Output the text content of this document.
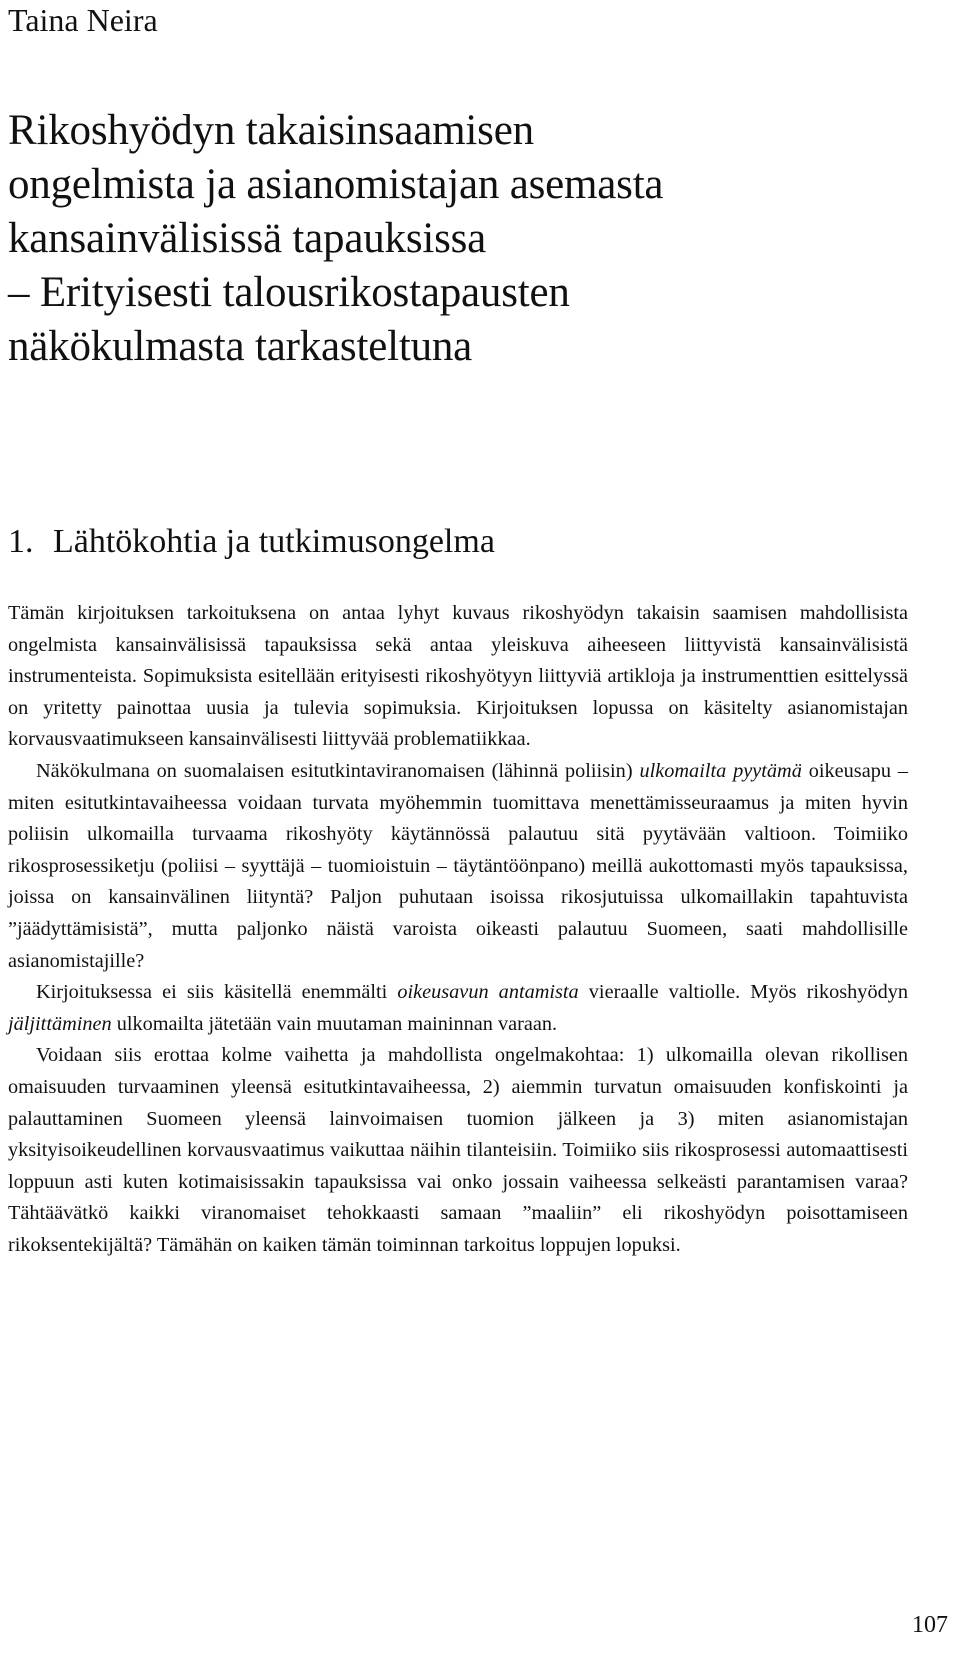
Taina Neira
Rikoshyödyn takaisinsaamisen
ongelmista ja asianomistajan asemasta
kansainvälisissä tapauksissa
– Erityisesti talousrikostapausten
näkökulmasta tarkasteltuna
1. Lähtökohtia ja tutkimusongelma

Tämän kirjoituksen tarkoituksena on antaa lyhyt kuvaus rikoshyödyn takaisin saamisen mahdollisista ongelmista kansainvälisissä tapauksissa sekä antaa yleiskuva aiheeseen liittyvistä kansainvälisistä instrumenteista. Sopimuksista esitellään erityisesti rikoshyötyyn liittyviä artikloja ja instrumenttien esittelyssä on yritetty painottaa uusia ja tulevia sopimuksia. Kirjoituksen lopussa on käsitelty asianomistajan korvausvaatimukseen kansainvälisesti liittyvää problematiikkaa.

Näkökulmana on suomalaisen esitutkintaviranomaisen (lähinnä poliisin) ulkomailta pyytämä oikeusapu – miten esitutkintavaiheessa voidaan turvata myöhemmin tuomittava menettämisseuraamus ja miten hyvin poliisin ulkomailla turvaama rikoshyöty käytännössä palautuu sitä pyytävään valtioon. Toimiiko rikosprosessiketju (poliisi – syyttäjä – tuomioistuin – täytäntöönpano) meillä aukottomasti myös tapauksissa, joissa on kansainvälinen liityntä? Paljon puhutaan isoissa rikosjutuissa ulkomaillakin tapahtuvista ”jäädyttämisistä”, mutta paljonko näistä varoista oikeasti palautuu Suomeen, saati mahdollisille asianomistajille?

Kirjoituksessa ei siis käsitellä enemmälti oikeusavun antamista vieraalle valtiolle. Myös rikoshyödyn jäljittäminen ulkomailta jätetään vain muutaman maininnan varaan.

Voidaan siis erottaa kolme vaihetta ja mahdollista ongelmakohtaa: 1) ulkomailla olevan rikollisen omaisuuden turvaaminen yleensä esitutkintavaiheessa, 2) aiemmin turvatun omaisuuden konfiskointi ja palauttaminen Suomeen yleensä lainvoimaisen tuomion jälkeen ja 3) miten asianomistajan yksityisoikeudellinen korvausvaatimus vaikuttaa näihin tilanteisiin. Toimiiko siis rikosprosessi automaattisesti loppuun asti kuten kotimaisissakin tapauksissa vai onko jossain vaiheessa selkeästi parantamisen varaa? Tähtäävätkö kaikki viranomaiset tehokkaasti samaan ”maaliin” eli rikoshyödyn poisottamiseen rikoksentekijältä? Tämähän on kaiken tämän toiminnan tarkoitus loppujen lopuksi.

107
